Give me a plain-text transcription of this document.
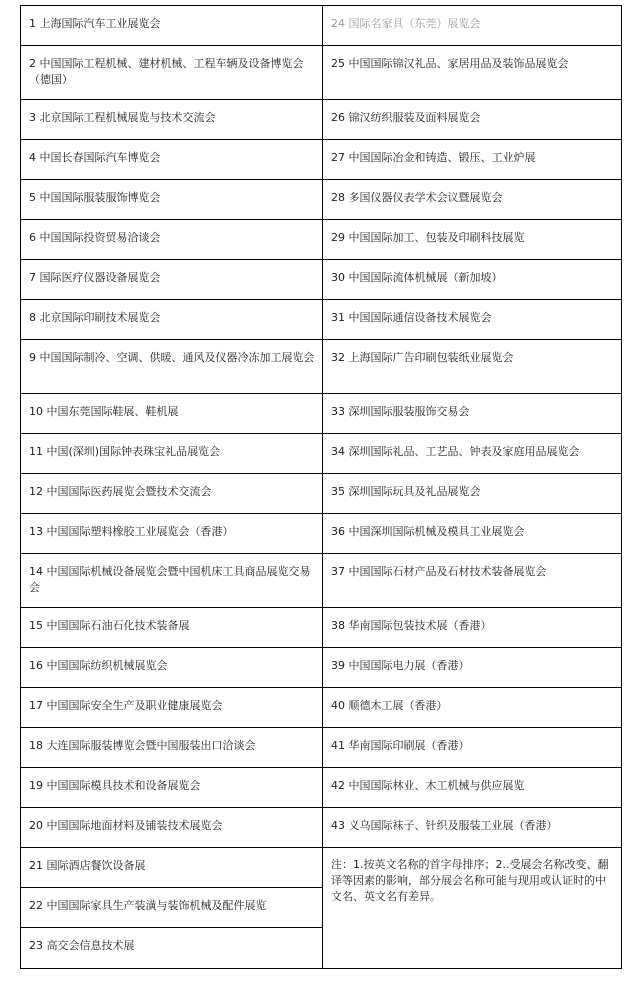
1 上海国际汽车工业展览会
2 中国国际工程机械、建材机械、工程车辆及设备博览会（德国）
3 北京国际工程机械展览与技术交流会
4 中国长春国际汽车博览会
5 中国国际服装服饰博览会
6 中国国际投资贸易洽谈会
7 国际医疗仪器设备展览会
8 北京国际印刷技术展览会
9 中国国际制冷、空调、供暖、通风及仪器冷冻加工展览会
10 中国东莞国际鞋展、鞋机展
11 中国(深圳)国际钟表珠宝礼品展览会
12 中国国际医药展览会暨技术交流会
13 中国国际塑料橡胶工业展览会（香港）
14 中国国际机械设备展览会暨中国机床工具商品展览交易会
15 中国国际石油石化技术装备展
16 中国国际纺织机械展览会
17 中国国际安全生产及职业健康展览会
18 大连国际服装博览会暨中国服装出口洽谈会
19 中国国际模具技术和设备展览会
20 中国国际地面材料及铺装技术展览会
21 国际酒店餐饮设备展
22 中国国际家具生产装潢与装饰机械及配件展览
23 高交会信息技术展
24 国际名家具（东莞）展览会
25 中国国际锦汉礼品、家居用品及装饰品展览会
26 锦汉纺织服装及面料展览会
27 中国国际冶金和铸造、锻压、工业炉展
28 多国仪器仪表学术会议暨展览会
29 中国国际加工、包装及印刷科技展览
30 中国国际流体机械展（新加坡）
31 中国国际通信设备技术展览会
32 上海国际广告印刷包装纸业展览会
33 深圳国际服装服饰交易会
34 深圳国际礼品、工艺品、钟表及家庭用品展览会
35 深圳国际玩具及礼品展览会
36 中国深圳国际机械及模具工业展览会
37 中国国际石材产品及石材技术装备展览会
38 华南国际包装技术展（香港）
39 中国国际电力展（香港）
40 顺德木工展（香港）
41 华南国际印刷展（香港）
42 中国国际林业、木工机械与供应展览
43 义乌国际袜子、针织及服装工业展（香港）
注：1.按英文名称的首字母排序；2..受展会名称改变、翻译等因素的影响，部分展会名称可能与现用或认证时的中文名、英文名有差异。
